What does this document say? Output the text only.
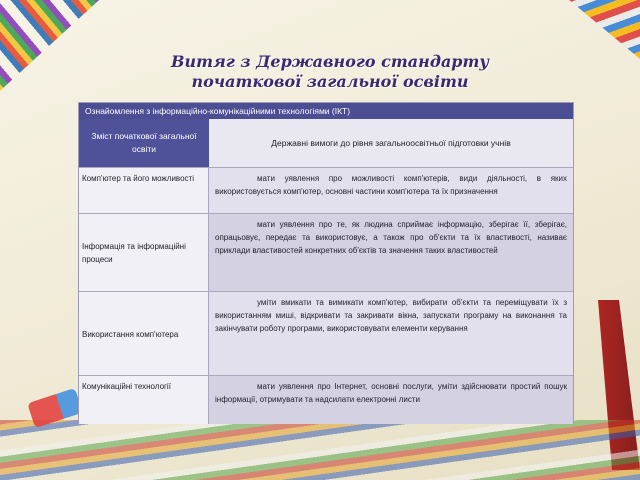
Витяг з Державного стандарту
початкової загальної освіти
Ознайомлення з інформаційно-комунікаційними технологіями (ІКТ)
Зміст початкової загальної освіти
Державні вимоги до рівня загальноосвітньої підготовки учнів
Комп'ютер та його можливості	мати уявлення про можливості комп'ютерів, види діяльності, в яких використовується комп'ютер, основні частини комп'ютера та їх призначення
Інформація та інформаційні процеси
мати уявлення про те, як людина сприймає інформацію, зберігає її, зберігає, опрацьовує, передає та використовує, а також про об'єкти та їх властивості, називає приклади властивостей конкретних об'єктів та значення таких властивостей
Використання комп'ютера
уміти вмикати та вимикати комп'ютер, вибирати об'єкти та переміщувати їх з використанням миші, відкривати та закривати вікна, запускати програму на виконання та закінчувати роботу програми, використовувати елементи керування
Комунікаційні технології	мати уявлення про Інтернет, основні послуги, уміти здійснювати простий пошук інформації, отримувати та надсилати електронні листи
